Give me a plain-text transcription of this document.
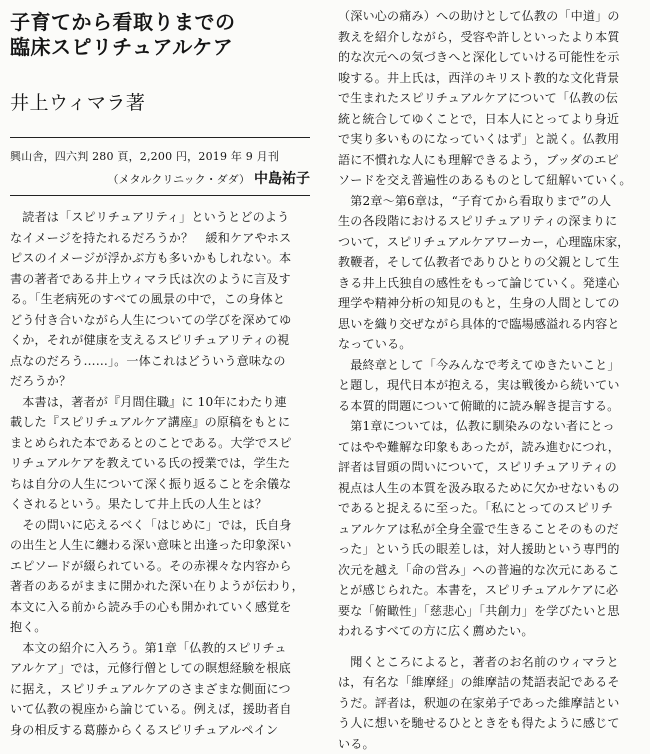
子育てから看取りまでの
臨床スピリチュアルケア
井上ウィマラ著
興山舎，四六判 280 頁，2,200 円，2019 年 9 月刊
（メタルクリニック・ダダ） 中島祐子
　読者は「スピリチュアリティ」というとどのよう
なイメージを持たれるだろうか？　緩和ケアやホス
ピスのイメージが浮かぶ方も多いかもしれない。本
書の著者である井上ウィマラ氏は次のように言及す
る。「生老病死のすべての風景の中で，この身体と
どう付き合いながら人生についての学びを深めてゆ
くか，それが健康を支えるスピリチュアリティの視
点なのだろう……」。一体これはどういう意味なの
だろうか？
　本書は，著者が『月間住職』に 10年にわたり連
載した『スピリチュアルケア講座』の原稿をもとに
まとめられた本であるとのことである。大学でスピ
リチュアルケアを教えている氏の授業では，学生た
ちは自分の人生について深く振り返ることを余儀な
くされるという。果たして井上氏の人生とは？
　その問いに応えるべく「はじめに」では，氏自身
の出生と人生に纏わる深い意味と出逢った印象深い
エピソードが綴られている。その赤裸々な内容から
著者のあるがままに開かれた深い在りようが伝わり，
本文に入る前から読み手の心も開かれていく感覚を
抱く。
　本文の紹介に入ろう。第1章「仏教的スピリチュ
アルケア」では，元修行僧としての瞑想経験を根底
に据え，スピリチュアルケアのさまざまな側面につ
いて仏教の視座から論じている。例えば，援助者自
身の相反する葛藤からくるスピリチュアルペイン
（深い心の痛み）への助けとして仏教の「中道」の
教えを紹介しながら，受容や許しといったより本質
的な次元への気づきへと深化していける可能性を示
唆する。井上氏は，西洋のキリスト教的な文化背景
で生まれたスピリチュアルケアについて「仏教の伝
統と統合してゆくことで，日本人にとってより身近
で実り多いものになっていくはず」と説く。仏教用
語に不慣れな人にも理解できるよう，ブッダのエピ
ソードを交え普遍性のあるものとして紐解いていく。
　第2章～第6章は，“子育てから看取りまで”の人
生の各段階におけるスピリチュアリティの深まりに
ついて，スピリチュアルケアワーカー，心理臨床家，
教鞭者，そして仏教者でありひとりの父親として生
きる井上氏独自の感性をもって論じていく。発達心
理学や精神分析の知見のもと，生身の人間としての
思いを織り交ぜながら具体的で臨場感溢れる内容と
なっている。
　最終章として「今みんなで考えてゆきたいこと」
と題し，現代日本が抱える，実は戦後から続いてい
る本質的問題について俯瞰的に読み解き提言する。
　第1章については，仏教に馴染みのない者にとっ
てはやや難解な印象もあったが，読み進むにつれ，
評者は冒頭の問いについて，スピリチュアリティの
視点は人生の本質を汲み取るために欠かせないもの
であると捉えるに至った。「私にとってのスピリチ
ュアルケアは私が全身全霊で生きることそのものだ
った」という氏の眼差しは，対人援助という専門的
次元を越え「命の営み」への普遍的な次元にあるこ
とが感じられた。本書を，スピリチュアルケアに必
要な「俯瞰性」「慈悲心」「共創力」を学びたいと思
われるすべての方に広く薦めたい。
　聞くところによると，著者のお名前のウィマラと
は，有名な「維摩経」の維摩詰の梵語表記であるそ
うだ。評者は，釈迦の在家弟子であった維摩詰とい
う人に想いを馳せるひとときをも得たように感じて
いる。
